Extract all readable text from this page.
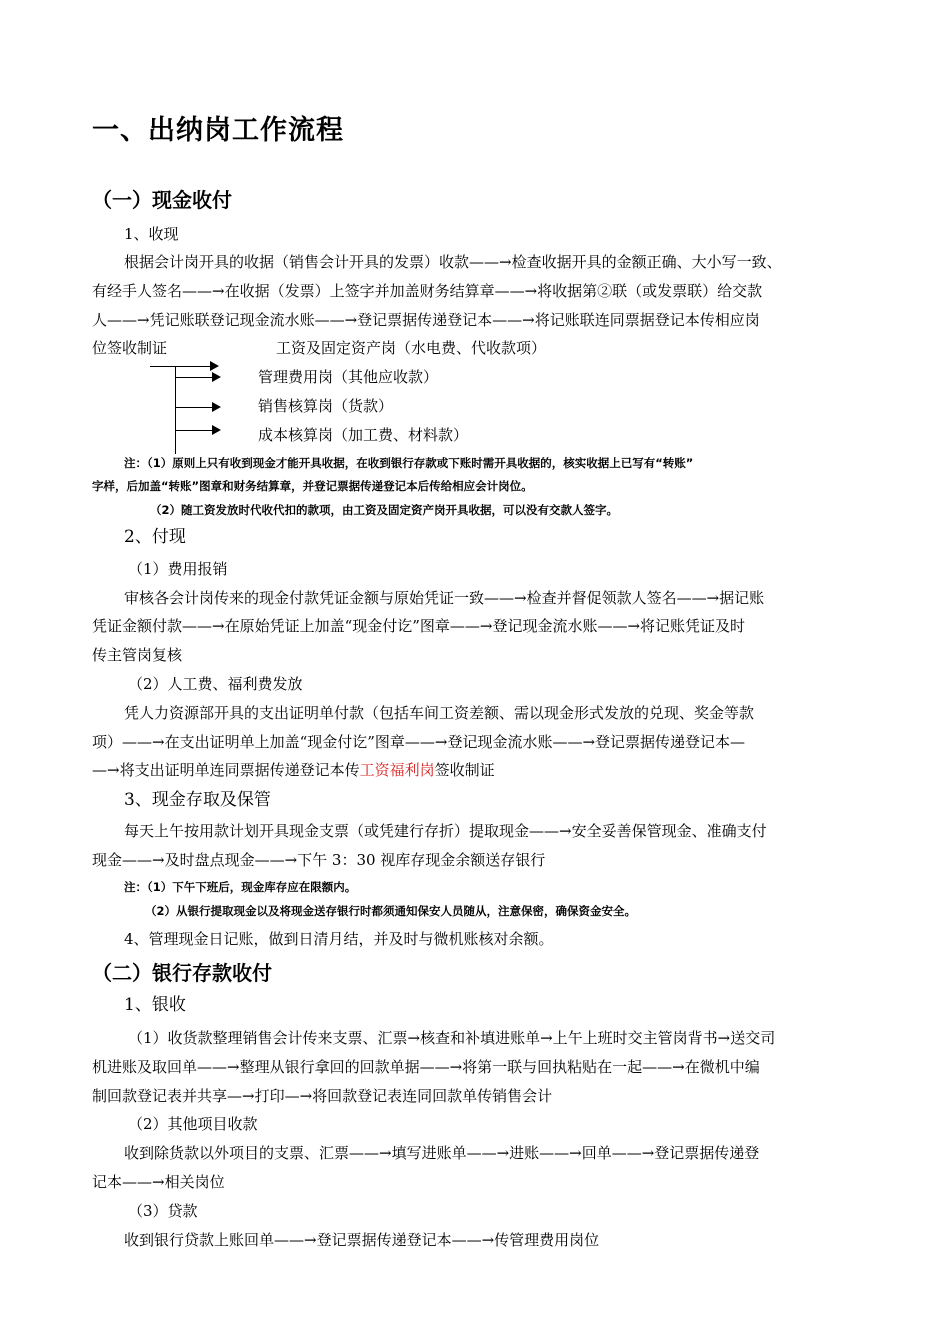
一、出纳岗工作流程
（一）现金收付
1、收现
根据会计岗开具的收据（销售会计开具的发票）收款——→检查收据开具的金额正确、大小写一致、
有经手人签名——→在收据（发票）上签字并加盖财务结算章——→将收据第②联（或发票联）给交款
人——→凭记账联登记现金流水账——→登记票据传递登记本——→将记账联连同票据登记本传相应岗
位签收制证	工资及固定资产岗（水电费、代收款项）
管理费用岗（其他应收款）
销售核算岗（货款）
成本核算岗（加工费、材料款）
注：（1）原则上只有收到现金才能开具收据，在收到银行存款或下账时需开具收据的，核实收据上已写有“转账”
字样，后加盖“转账”图章和财务结算章，并登记票据传递登记本后传给相应会计岗位。
（2）随工资发放时代收代扣的款项，由工资及固定资产岗开具收据，可以没有交款人签字。
2、付现
（1）费用报销
审核各会计岗传来的现金付款凭证金额与原始凭证一致——→检查并督促领款人签名——→据记账
凭证金额付款——→在原始凭证上加盖“现金付讫”图章——→登记现金流水账——→将记账凭证及时
传主管岗复核
（2）人工费、福利费发放
凭人力资源部开具的支出证明单付款（包括车间工资差额、需以现金形式发放的兑现、奖金等款
项）——→在支出证明单上加盖“现金付讫”图章——→登记现金流水账——→登记票据传递登记本—
—→将支出证明单连同票据传递登记本传工资福利岗签收制证
3、现金存取及保管
每天上午按用款计划开具现金支票（或凭建行存折）提取现金——→安全妥善保管现金、准确支付
现金——→及时盘点现金——→下午 3：30 视库存现金余额送存银行
注：（1）下午下班后，现金库存应在限额内。
（2）从银行提取现金以及将现金送存银行时都须通知保安人员随从，注意保密，确保资金安全。
4、管理现金日记账，做到日清月结，并及时与微机账核对余额。
（二）银行存款收付
1、银收
（1）收货款整理销售会计传来支票、汇票→核查和补填进账单→上午上班时交主管岗背书→送交司
机进账及取回单——→整理从银行拿回的回款单据——→将第一联与回执粘贴在一起——→在微机中编
制回款登记表并共享—→打印—→将回款登记表连同回款单传销售会计
（2）其他项目收款
收到除货款以外项目的支票、汇票——→填写进账单——→进账——→回单——→登记票据传递登
记本——→相关岗位
（3）贷款
收到银行贷款上账回单——→登记票据传递登记本——→传管理费用岗位
